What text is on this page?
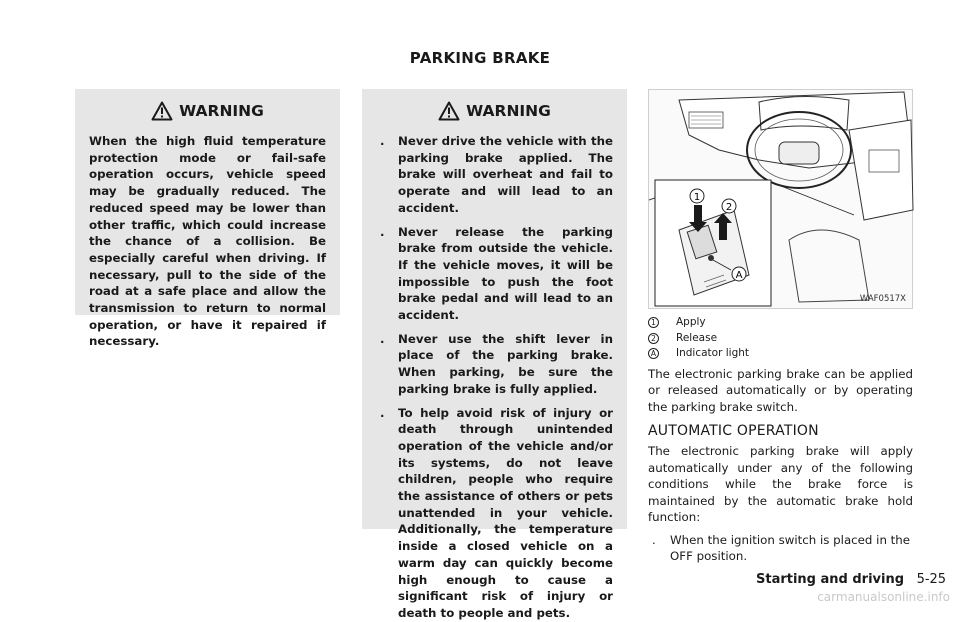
PARKING BRAKE
WARNING
When the high fluid temperature protection mode or fail-safe operation occurs, vehicle speed may be gradually reduced. The reduced speed may be lower than other traffic, which could increase the chance of a collision. Be especially careful when driving. If necessary, pull to the side of the road at a safe place and allow the transmission to return to normal operation, or have it repaired if necessary.
WARNING
.	Never drive the vehicle with the parking brake applied. The brake will overheat and fail to operate and will lead to an accident.
.	Never release the parking brake from outside the vehicle. If the vehicle moves, it will be impossible to push the foot brake pedal and will lead to an accident.
.	Never use the shift lever in place of the parking brake. When parking, be sure the parking brake is fully applied.
.	To help avoid risk of injury or death through unintended operation of the vehicle and/or its systems, do not leave children, people who require the assistance of others or pets unattended in your vehicle. Additionally, the temperature inside a closed vehicle on a warm day can quickly become high enough to cause a significant risk of injury or death to people and pets.
1
2
A
WAF0517X
1 Apply
2 Release
A Indicator light
The electronic parking brake can be applied or released automatically or by operating the parking brake switch.
AUTOMATIC OPERATION
The electronic parking brake will apply automatically under any of the following conditions while the brake force is maintained by the automatic brake hold function:
.	When the ignition switch is placed in the OFF position.
Starting and driving 5-25
carmanualsonline.info
